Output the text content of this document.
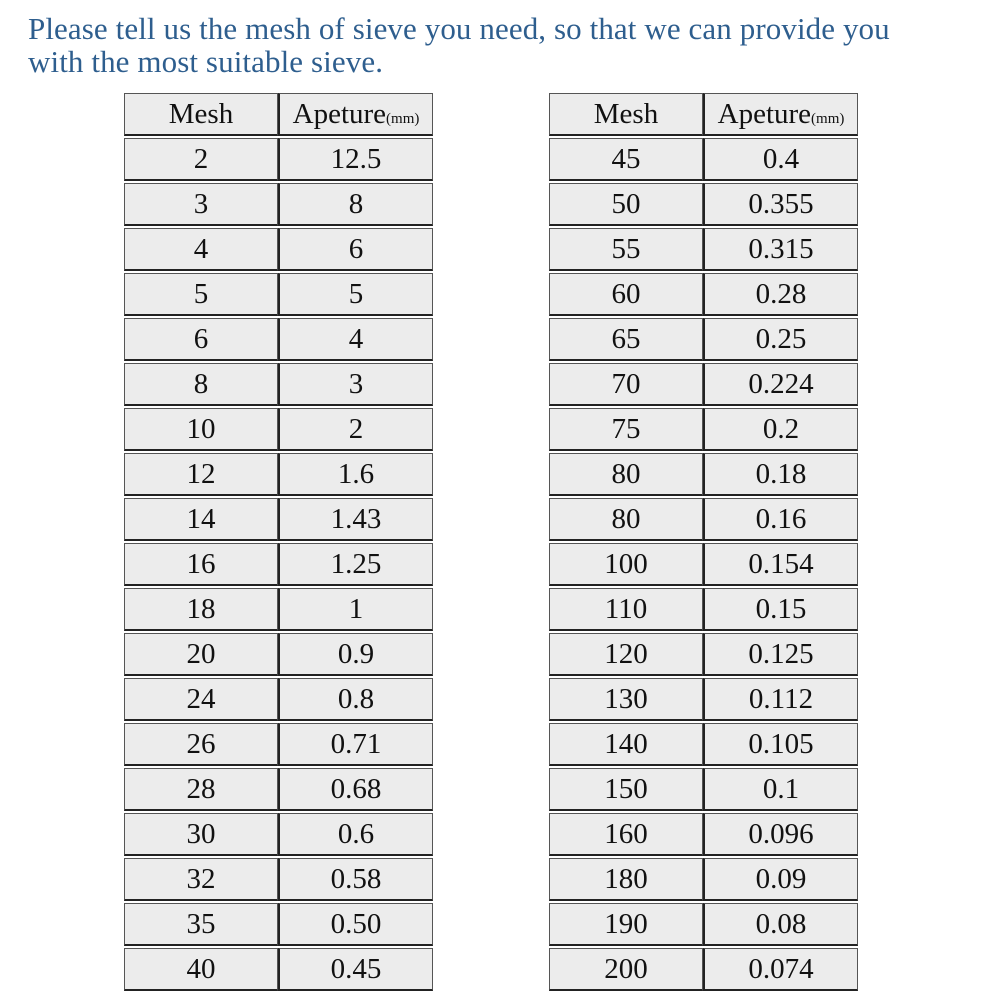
Please tell us the mesh of sieve you need, so that we can provide you
with the most suitable sieve.

Mesh	Apeture(mm)
2	12.5
3	8
4	6
5	5
6	4
8	3
10	2
12	1.6
14	1.43
16	1.25
18	1
20	0.9
24	0.8
26	0.71
28	0.68
30	0.6
32	0.58
35	0.50
40	0.45
Mesh	Apeture(mm)
45	0.4
50	0.355
55	0.315
60	0.28
65	0.25
70	0.224
75	0.2
80	0.18
80	0.16
100	0.154
110	0.15
120	0.125
130	0.112
140	0.105
150	0.1
160	0.096
180	0.09
190	0.08
200	0.074
